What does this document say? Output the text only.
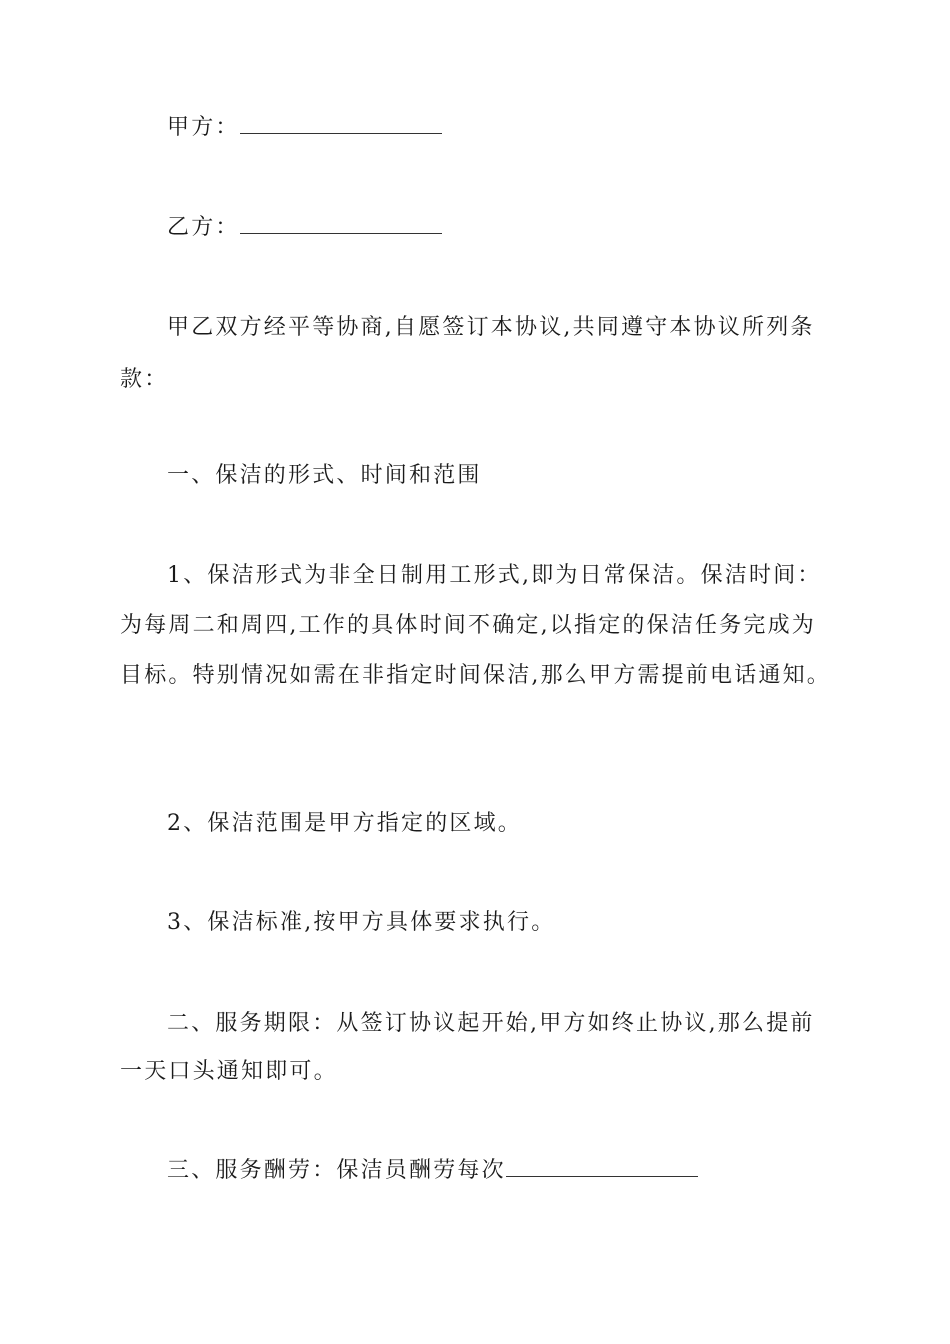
甲方：
乙方：
甲乙双方经平等协商,自愿签订本协议,共同遵守本协议所列条
款：
一、保洁的形式、时间和范围
1、保洁形式为非全日制用工形式,即为日常保洁。保洁时间：
为每周二和周四,工作的具体时间不确定,以指定的保洁任务完成为
目标。特别情况如需在非指定时间保洁,那么甲方需提前电话通知。
2、保洁范围是甲方指定的区域。
3、保洁标准,按甲方具体要求执行。
二、服务期限：从签订协议起开始,甲方如终止协议,那么提前
一天口头通知即可。
三、服务酬劳：保洁员酬劳每次
